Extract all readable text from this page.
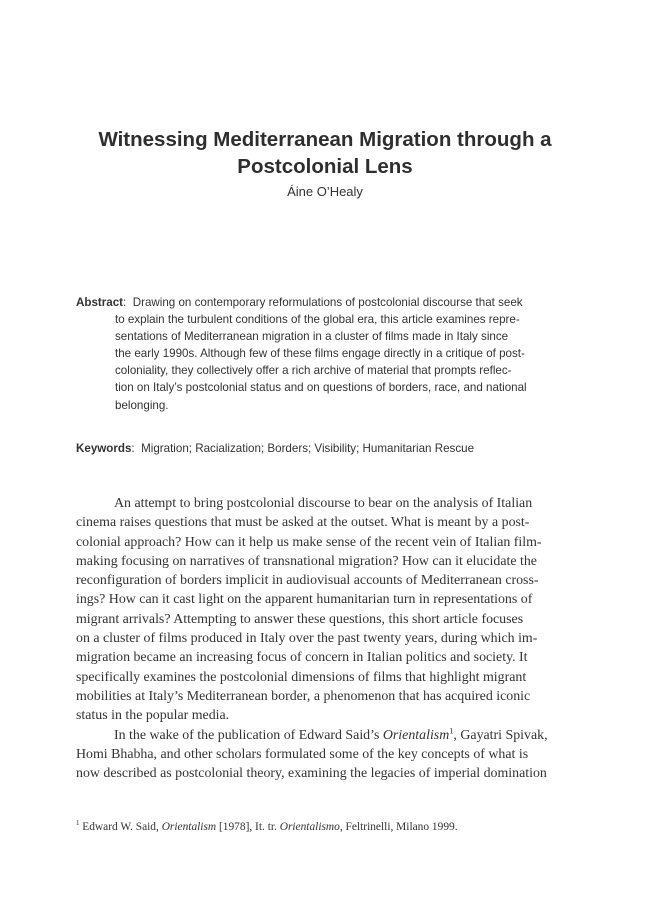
Witnessing Mediterranean Migration through a
Postcolonial Lens
Áine O’Healy
Abstract:  Drawing on contemporary reformulations of postcolonial discourse that seek
to explain the turbulent conditions of the global era, this article examines repre-
sentations of Mediterranean migration in a cluster of films made in Italy since
the early 1990s. Although few of these films engage directly in a critique of post-
coloniality, they collectively offer a rich archive of material that prompts reflec-
tion on Italy’s postcolonial status and on questions of borders, race, and national
belonging.
Keywords:  Migration; Racialization; Borders; Visibility; Humanitarian Rescue
An attempt to bring postcolonial discourse to bear on the analysis of Italian
cinema raises questions that must be asked at the outset. What is meant by a post-
colonial approach? How can it help us make sense of the recent vein of Italian film-
making focusing on narratives of transnational migration? How can it elucidate the
reconfiguration of borders implicit in audiovisual accounts of Mediterranean cross-
ings? How can it cast light on the apparent humanitarian turn in representations of
migrant arrivals? Attempting to answer these questions, this short article focuses
on a cluster of films produced in Italy over the past twenty years, during which im-
migration became an increasing focus of concern in Italian politics and society. It
specifically examines the postcolonial dimensions of films that highlight migrant
mobilities at Italy’s Mediterranean border, a phenomenon that has acquired iconic
status in the popular media.
In the wake of the publication of Edward Said’s Orientalism$^1$, Gayatri Spivak,
Homi Bhabha, and other scholars formulated some of the key concepts of what is
now described as postcolonial theory, examining the legacies of imperial domination
$^1$ Edward W. Said, Orientalism [1978], It. tr. Orientalismo, Feltrinelli, Milano 1999.
